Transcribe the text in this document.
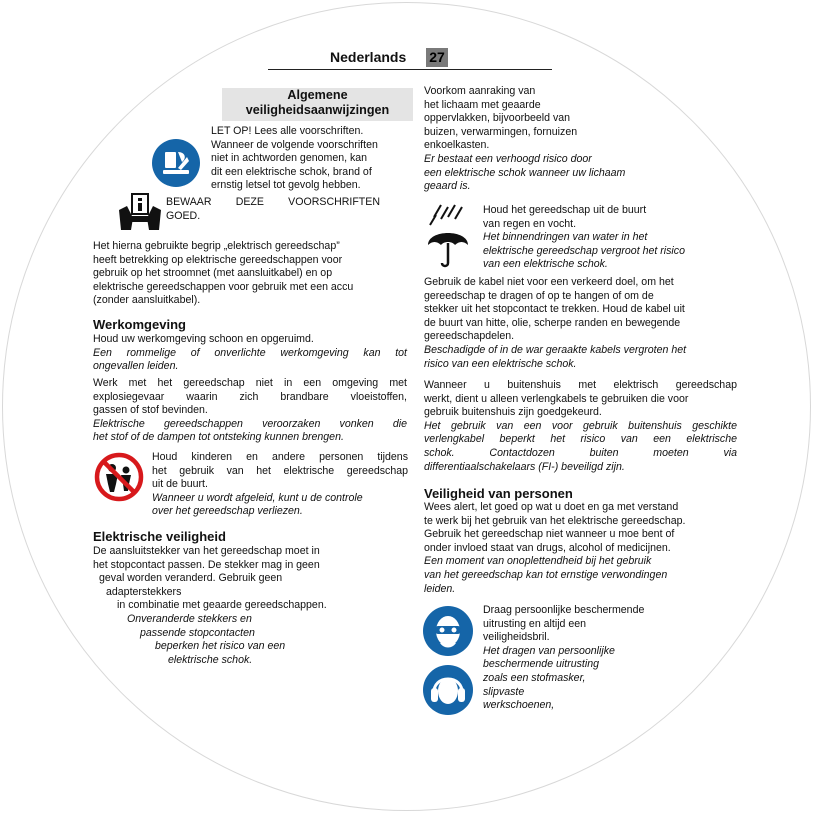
Nederlands 27
Algemene
veiligheidsaanwijzingen
LET OP! Lees alle voorschriften.
Wanneer de volgende voorschriften
niet in achtworden genomen, kan
dit een elektrische schok, brand of
ernstig letsel tot gevolg hebben.
BEWAAR DEZE VOORSCHRIFTEN
GOED.
Het hierna gebruikte begrip „elektrisch gereedschap”
heeft betrekking op elektrische gereedschappen voor
gebruik op het stroomnet (met aansluitkabel) en op
elektrische gereedschappen voor gebruik met een accu
(zonder aansluitkabel).
Werkomgeving
Houd uw werkomgeving schoon en opgeruimd.
Een rommelige of onverlichte werkomgeving kan tot
ongevallen leiden.
Werk met het gereedschap niet in een omgeving met
explosiegevaar waarin zich brandbare vloeistoffen,
gassen of stof bevinden.
Elektrische gereedschappen veroorzaken vonken die
het stof of de dampen tot ontsteking kunnen brengen.
Houd kinderen en andere personen tijdens
het gebruik van het elektrische gereedschap
uit de buurt.
Wanneer u wordt afgeleid, kunt u de controle
over het gereedschap verliezen.
Elektrische veiligheid
De aansluitstekker van het gereedschap moet in
het stopcontact passen. De stekker mag in geen
geval worden veranderd. Gebruik geen
adapterstekkers
in combinatie met geaarde gereedschappen.
Onveranderde stekkers en
passende stopcontacten
beperken het risico van een
elektrische schok.
Voorkom aanraking van
het lichaam met geaarde
oppervlakken, bijvoorbeeld van
buizen, verwarmingen, fornuizen
enkoelkasten.
Er bestaat een verhoogd risico door
een elektrische schok wanneer uw lichaam
geaard is.
Houd het gereedschap uit de buurt
van regen en vocht.
Het binnendringen van water in het
elektrische gereedschap vergroot het risico
van een elektrische schok.
Gebruik de kabel niet voor een verkeerd doel, om het
gereedschap te dragen of op te hangen of om de
stekker uit het stopcontact te trekken. Houd de kabel uit
de buurt van hitte, olie, scherpe randen en bewegende
gereedschapdelen.
Beschadigde of in de war geraakte kabels vergroten het
risico van een elektrische schok.
Wanneer u buitenshuis met elektrisch gereedschap
werkt, dient u alleen verlengkabels te gebruiken die voor
gebruik buitenshuis zijn goedgekeurd.
Het gebruik van een voor gebruik buitenshuis geschikte
verlengkabel beperkt het risico van een elektrische
schok. Contactdozen buiten moeten via
differentiaalschakelaars (FI-) beveiligd zijn.
Veiligheid van personen
Wees alert, let goed op wat u doet en ga met verstand
te werk bij het gebruik van het elektrische gereedschap.
Gebruik het gereedschap niet wanneer u moe bent of
onder invloed staat van drugs, alcohol of medicijnen.
Een moment van onoplettendheid bij het gebruik
van het gereedschap kan tot ernstige verwondingen
leiden.
Draag persoonlijke beschermende
uitrusting en altijd een
veiligheidsbril.
Het dragen van persoonlijke
beschermende uitrusting
zoals een stofmasker,
slipvaste
werkschoenen,
